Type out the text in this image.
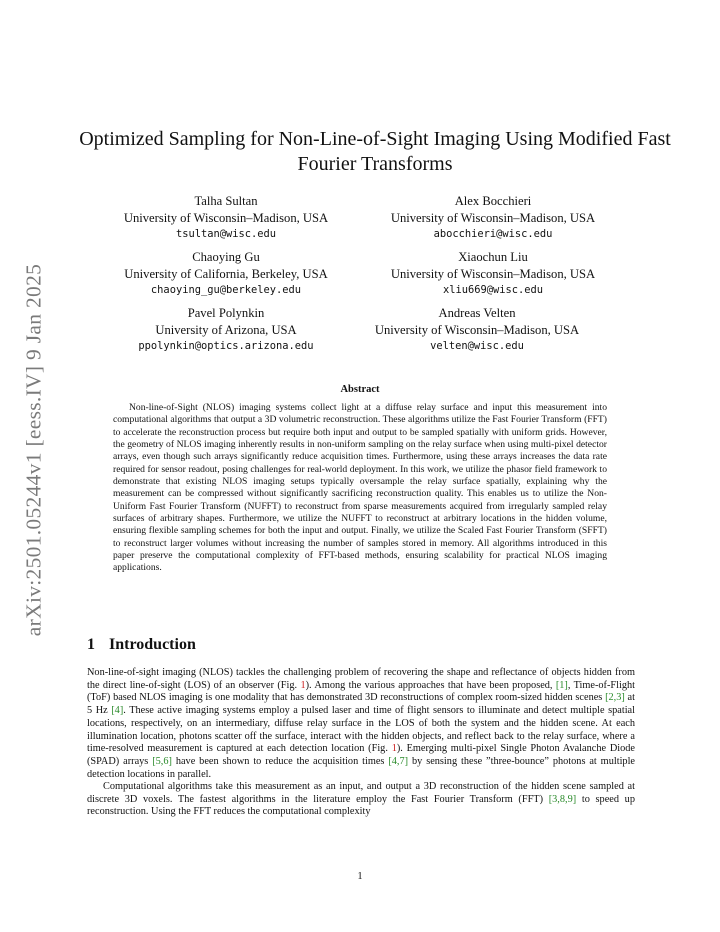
arXiv:2501.05244v1 [eess.IV] 9 Jan 2025
Optimized Sampling for Non-Line-of-Sight Imaging Using Modified Fast Fourier Transforms
Talha Sultan
University of Wisconsin–Madison, USA
tsultan@wisc.edu
Alex Bocchieri
University of Wisconsin–Madison, USA
abocchieri@wisc.edu
Chaoying Gu
University of California, Berkeley, USA
chaoying_gu@berkeley.edu
Xiaochun Liu
University of Wisconsin–Madison, USA
xliu669@wisc.edu
Pavel Polynkin
University of Arizona, USA
ppolynkin@optics.arizona.edu
Andreas Velten
University of Wisconsin–Madison, USA
velten@wisc.edu
Abstract

Non-line-of-Sight (NLOS) imaging systems collect light at a diffuse relay surface and input this measurement into computational algorithms that output a 3D volumetric reconstruction. These algorithms utilize the Fast Fourier Transform (FFT) to accelerate the reconstruction process but require both input and output to be sampled spatially with uniform grids. However, the geometry of NLOS imaging inherently results in non-uniform sampling on the relay surface when using multi-pixel detector arrays, even though such arrays significantly reduce acquisition times. Furthermore, using these arrays increases the data rate required for sensor readout, posing challenges for real-world deployment. In this work, we utilize the phasor field framework to demonstrate that existing NLOS imaging setups typically oversample the relay surface spatially, explaining why the measurement can be compressed without significantly sacrificing reconstruction quality. This enables us to utilize the Non-Uniform Fast Fourier Transform (NUFFT) to reconstruct from sparse measurements acquired from irregularly sampled relay surfaces of arbitrary shapes. Furthermore, we utilize the NUFFT to reconstruct at arbitrary locations in the hidden volume, ensuring flexible sampling schemes for both the input and output. Finally, we utilize the Scaled Fast Fourier Transform (SFFT) to reconstruct larger volumes without increasing the number of samples stored in memory. All algorithms introduced in this paper preserve the computational complexity of FFT-based methods, ensuring scalability for practical NLOS imaging applications.

1 Introduction

Non-line-of-sight imaging (NLOS) tackles the challenging problem of recovering the shape and reflectance of objects hidden from the direct line-of-sight (LOS) of an observer (Fig. 1). Among the various approaches that have been proposed, [1], Time-of-Flight (ToF) based NLOS imaging is one modality that has demonstrated 3D reconstructions of complex room-sized hidden scenes [2,3] at 5 Hz [4]. These active imaging systems employ a pulsed laser and time of flight sensors to illuminate and detect multiple spatial locations, respectively, on an intermediary, diffuse relay surface in the LOS of both the system and the hidden scene. At each illumination location, photons scatter off the surface, interact with the hidden objects, and reflect back to the relay surface, where a time-resolved measurement is captured at each detection location (Fig. 1). Emerging multi-pixel Single Photon Avalanche Diode (SPAD) arrays [5,6] have been shown to reduce the acquisition times [4,7] by sensing these ”three-bounce” photons at multiple detection locations in parallel.

Computational algorithms take this measurement as an input, and output a 3D reconstruction of the hidden scene sampled at discrete 3D voxels. The fastest algorithms in the literature employ the Fast Fourier Transform (FFT) [3,8,9] to speed up reconstruction. Using the FFT reduces the computational complexity

1
